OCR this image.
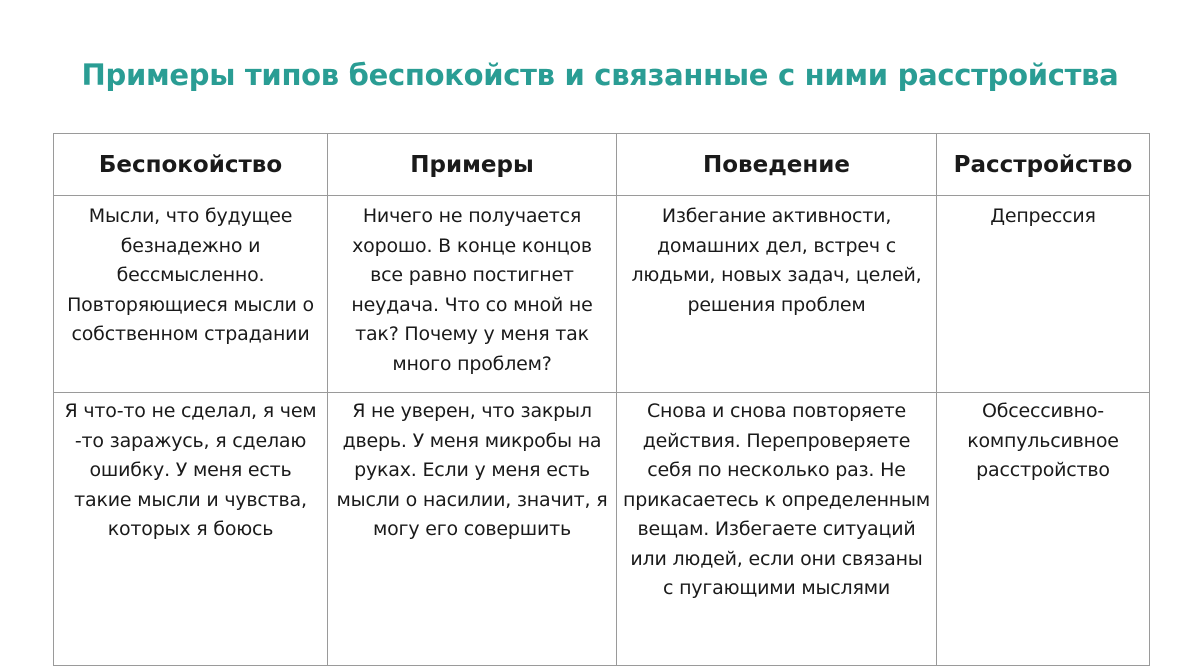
Примеры типов беспокойств и связанные с ними расстройства
Беспокойство	Примеры	Поведение	Расстройство

Мысли, что будущее безнадежно и бессмысленно. Повторяющиеся мысли о собственном страдании	Ничего не получается хорошо. В конце концов все равно постигнет неудача. Что со мной не так? Почему у меня так много проблем?	Избегание активности, домашних дел, встреч с людьми, новых задач, целей, решения проблем	Депрессия

Я что-то не сделал, я чем -то заражусь, я сделаю ошибку. У меня есть такие мысли и чувства, которых я боюсь	Я не уверен, что закрыл дверь. У меня микробы на руках. Если у меня есть мысли о насилии, значит, я могу его совершить	Снова и снова повторяете действия. Перепроверяете себя по несколько раз. Не прикасаетесь к определенным вещам. Избегаете ситуаций или людей, если они связаны с пугающими мыслями	Обсессивно-компульсивное расстройство
